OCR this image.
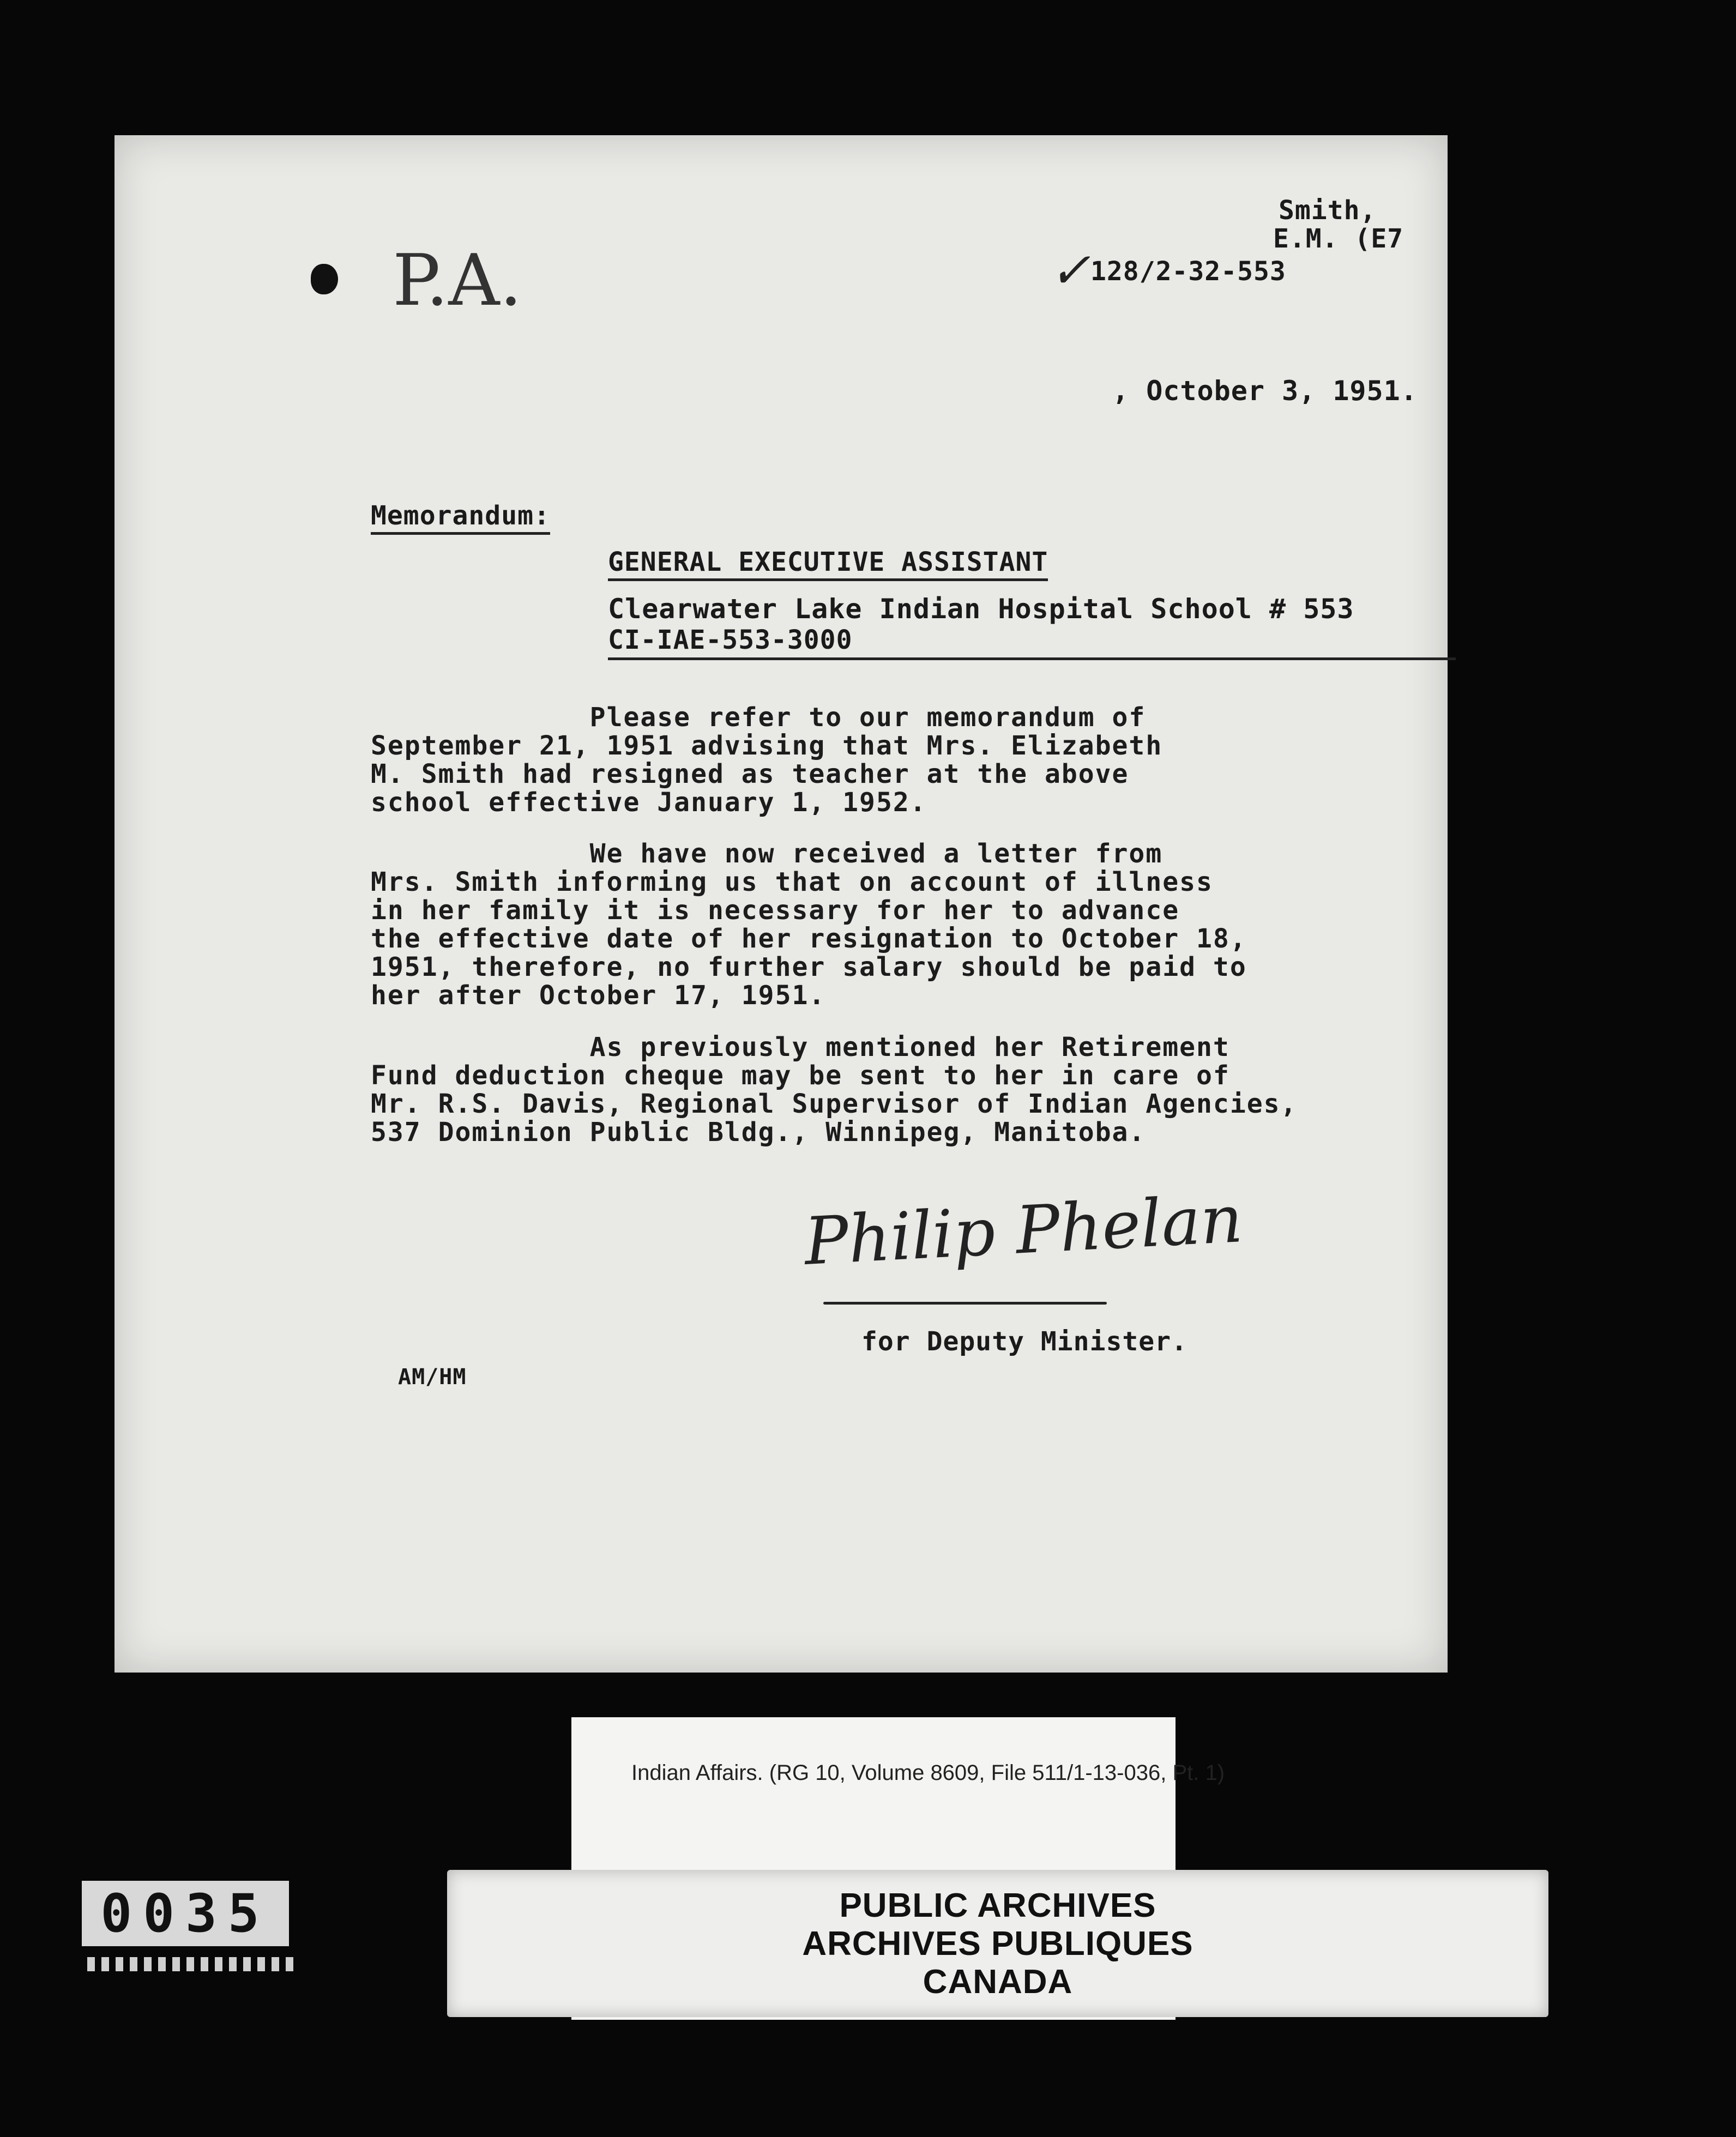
Smith,
E.M. (E7
✓ 128/2-32-553
P.A.
, October 3, 1951.
Memorandum:
GENERAL EXECUTIVE ASSISTANT
Clearwater Lake Indian Hospital School # 553
CI-IAE-553-3000
Please refer to our memorandum of
September 21, 1951 advising that Mrs. Elizabeth
M. Smith had resigned as teacher at the above
school effective January 1, 1952.
We have now received a letter from
Mrs. Smith informing us that on account of illness
in her family it is necessary for her to advance
the effective date of her resignation to October 18,
1951, therefore, no further salary should be paid to
her after October 17, 1951.
As previously mentioned her Retirement
Fund deduction cheque may be sent to her in care of
Mr. R.S. Davis, Regional Supervisor of Indian Agencies,
537 Dominion Public Bldg., Winnipeg, Manitoba.
Philip Phelan
for Deputy Minister.
AM/HM
Indian Affairs. (RG 10, Volume 8609, File 511/1-13-036, Pt. 1)
PUBLIC ARCHIVES
ARCHIVES PUBLIQUES
CANADA
0035
